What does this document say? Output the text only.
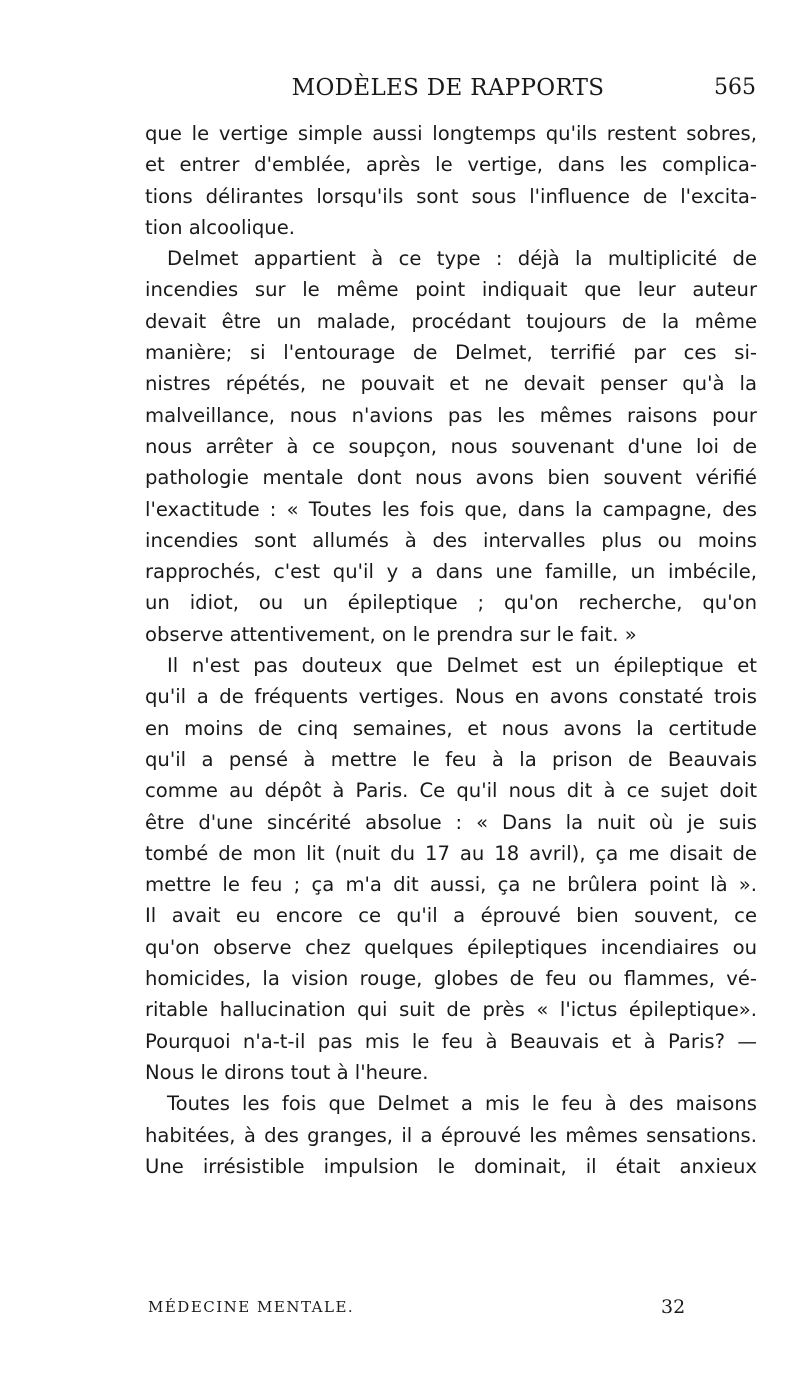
MODÈLES DE RAPPORTS	565
que le vertige simple aussi longtemps qu'ils restent sobres,
et entrer d'emblée, après le vertige, dans les complica-
tions délirantes lorsqu'ils sont sous l'influence de l'excita-
tion alcoolique.
Delmet appartient à ce type : déjà la multiplicité de
incendies sur le même point indiquait que leur auteur
devait être un malade, procédant toujours de la même
manière; si l'entourage de Delmet, terrifié par ces si-
nistres répétés, ne pouvait et ne devait penser qu'à la
malveillance, nous n'avions pas les mêmes raisons pour
nous arrêter à ce soupçon, nous souvenant d'une loi de
pathologie mentale dont nous avons bien souvent vérifié
l'exactitude : « Toutes les fois que, dans la campagne, des
incendies sont allumés à des intervalles plus ou moins
rapprochés, c'est qu'il y a dans une famille, un imbécile,
un idiot, ou un épileptique ; qu'on recherche, qu'on
observe attentivement, on le prendra sur le fait. »
Il n'est pas douteux que Delmet est un épileptique et
qu'il a de fréquents vertiges. Nous en avons constaté trois
en moins de cinq semaines, et nous avons la certitude
qu'il a pensé à mettre le feu à la prison de Beauvais
comme au dépôt à Paris. Ce qu'il nous dit à ce sujet doit
être d'une sincérité absolue : « Dans la nuit où je suis
tombé de mon lit (nuit du 17 au 18 avril), ça me disait de
mettre le feu ; ça m'a dit aussi, ça ne brûlera point là ».
Il avait eu encore ce qu'il a éprouvé bien souvent, ce
qu'on observe chez quelques épileptiques incendiaires ou
homicides, la vision rouge, globes de feu ou flammes, vé-
ritable hallucination qui suit de près « l'ictus épileptique».
Pourquoi n'a-t-il pas mis le feu à Beauvais et à Paris? —
Nous le dirons tout à l'heure.
Toutes les fois que Delmet a mis le feu à des maisons
habitées, à des granges, il a éprouvé les mêmes sensations.
Une irrésistible impulsion le dominait, il était anxieux
MÉDECINE MENTALE.	32
